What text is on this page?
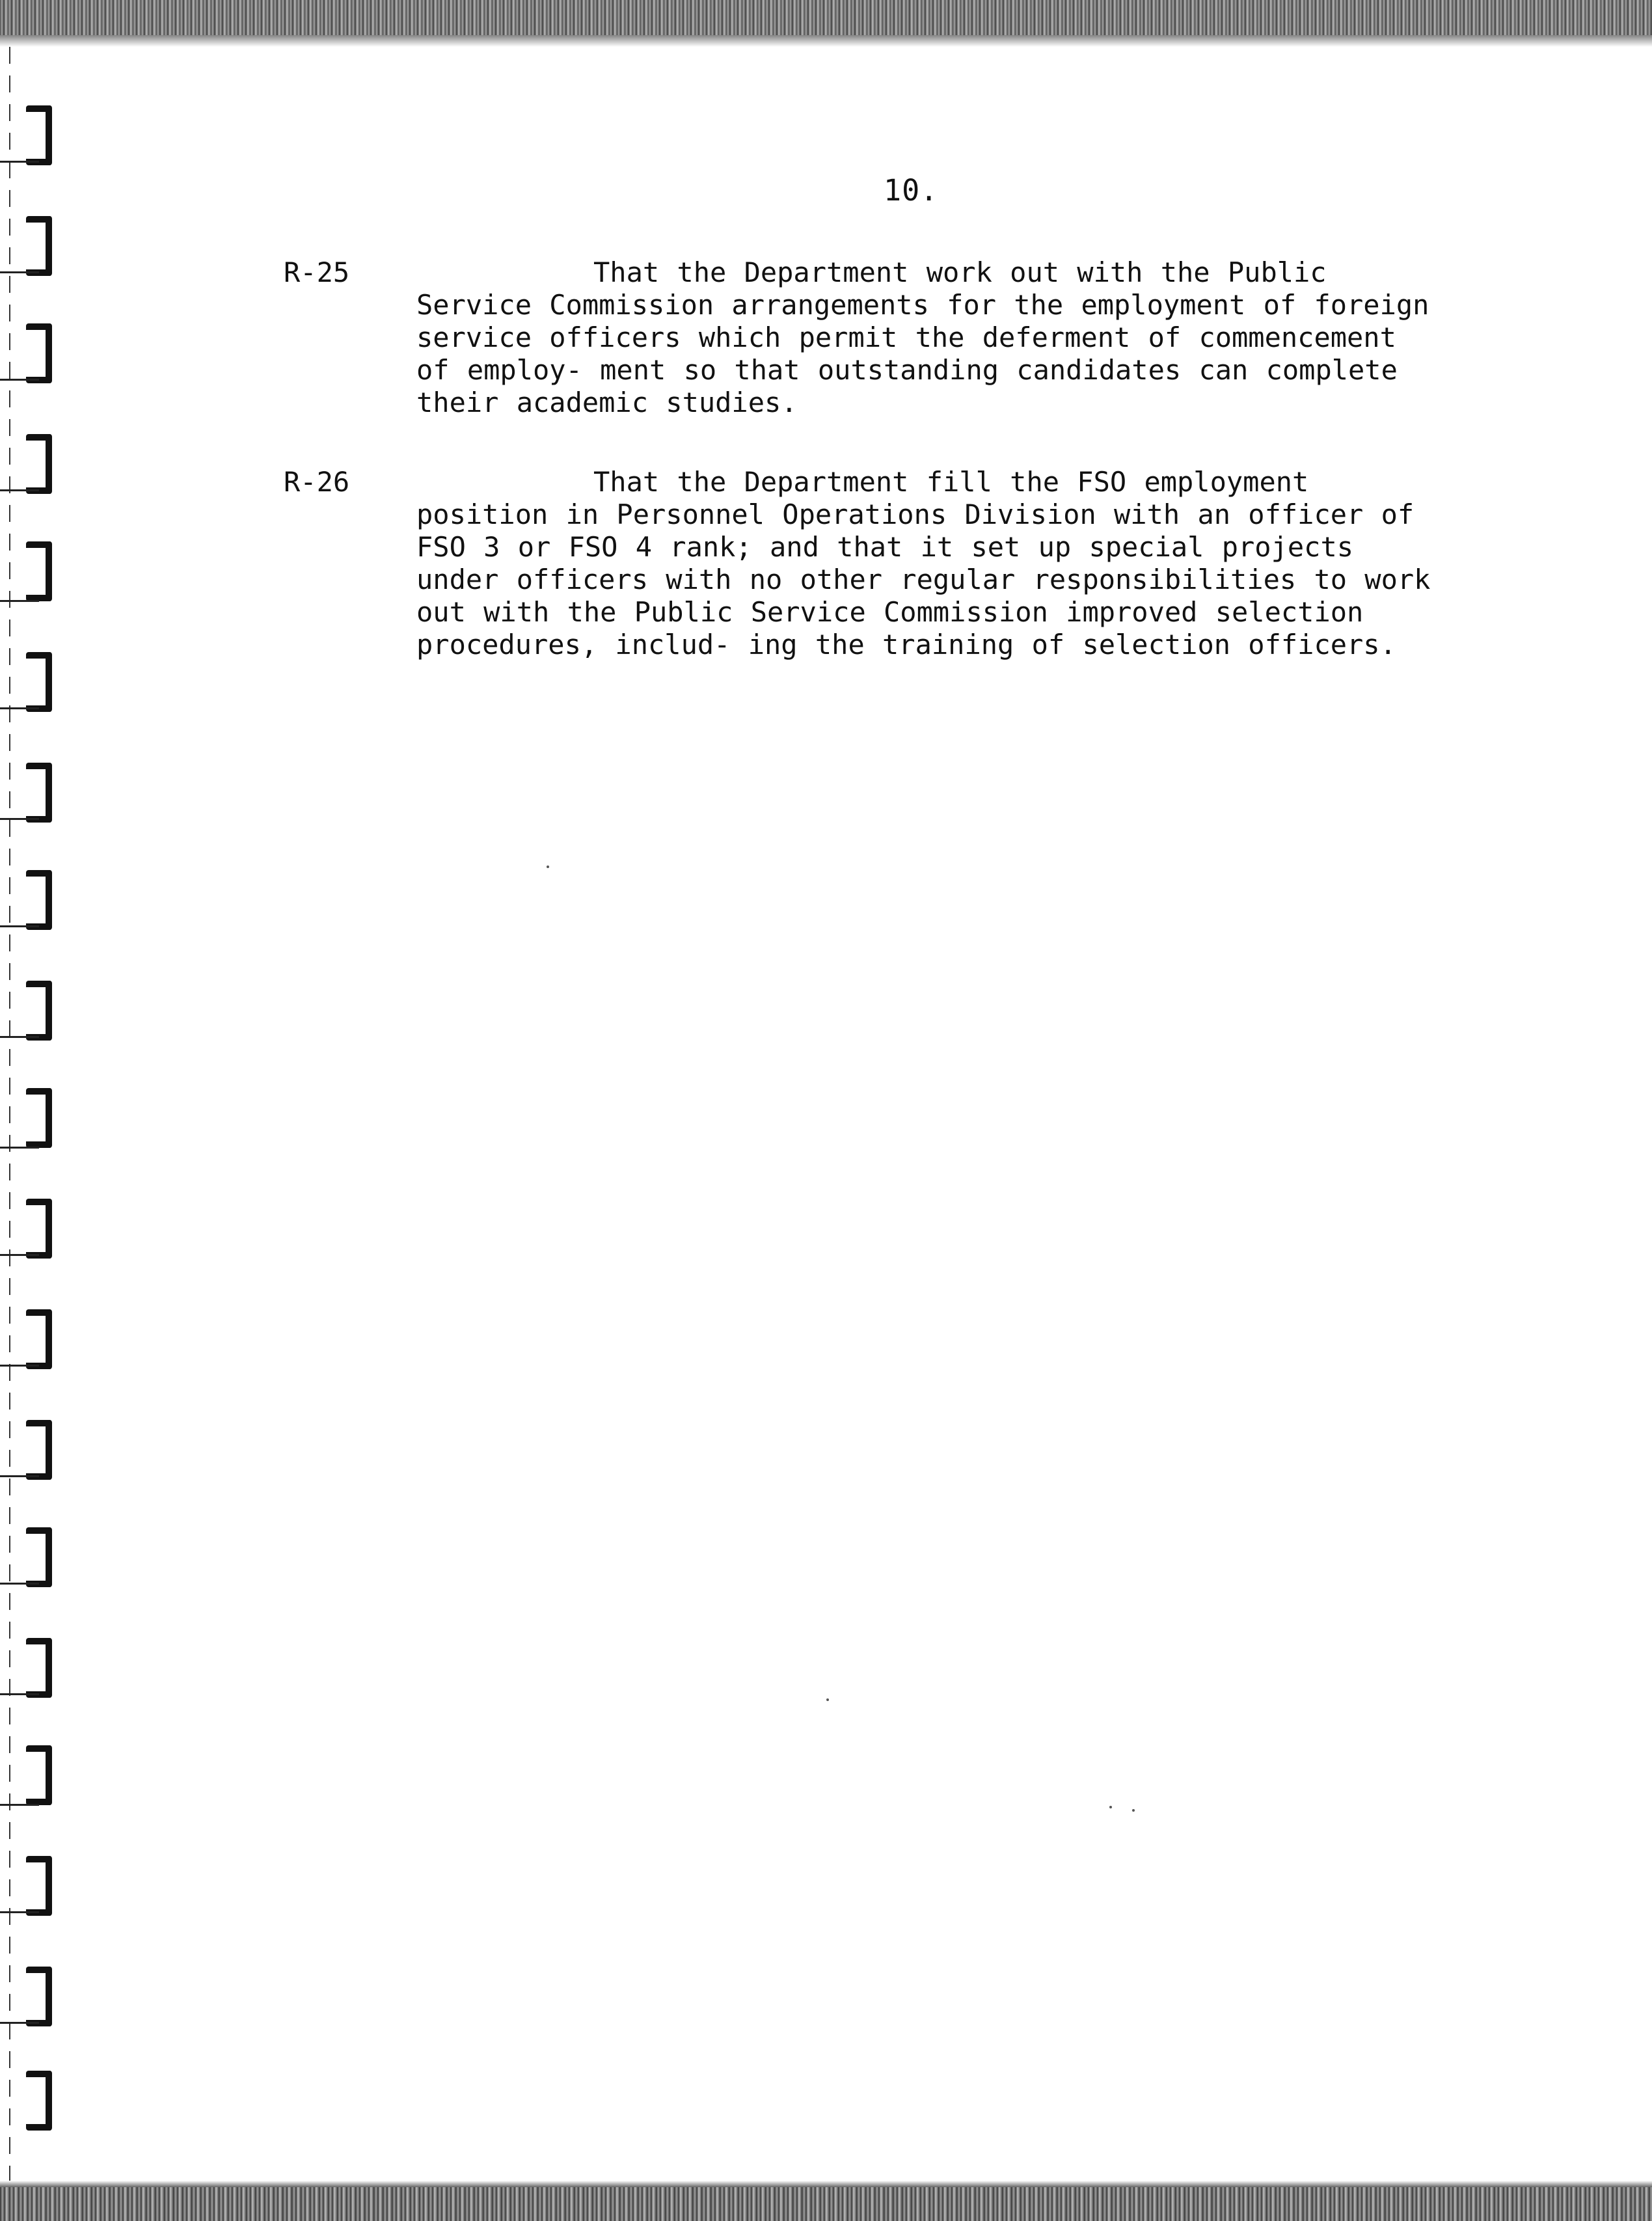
10.
R-25	That the Department work out with the Public Service Commission arrangements for the employment of foreign service officers which permit the deferment of commencement of employ- ment so that outstanding candidates can complete their academic studies.
R-26	That the Department fill the FSO employment position in Personnel Operations Division with an officer of FSO 3 or FSO 4 rank; and that it set up special projects under officers with no other regular responsibilities to work out with the Public Service Commission improved selection procedures, includ- ing the training of selection officers.
